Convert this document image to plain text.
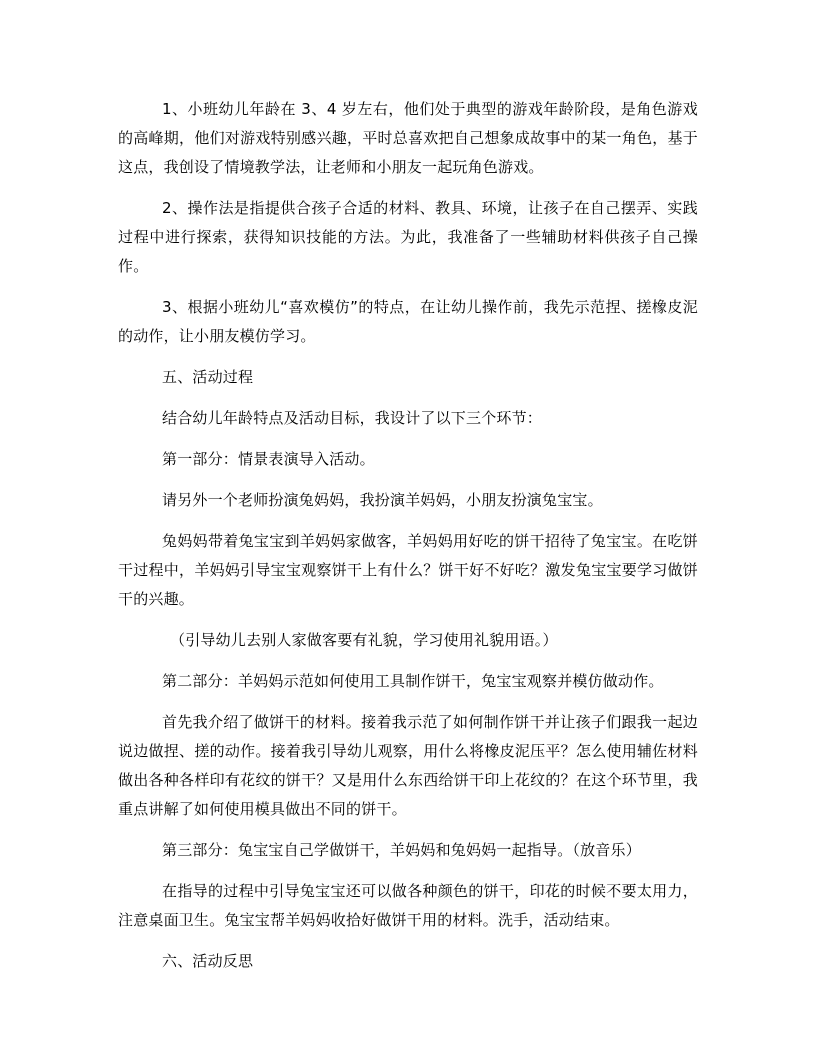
1、小班幼儿年龄在 3、4 岁左右，他们处于典型的游戏年龄阶段，是角色游戏的高峰期，他们对游戏特别感兴趣，平时总喜欢把自己想象成故事中的某一角色，基于这点，我创设了情境教学法，让老师和小朋友一起玩角色游戏。

2、操作法是指提供合孩子合适的材料、教具、环境，让孩子在自己摆弄、实践过程中进行探索，获得知识技能的方法。为此，我准备了一些辅助材料供孩子自己操作。

3、根据小班幼儿“喜欢模仿”的特点，在让幼儿操作前，我先示范捏、搓橡皮泥的动作，让小朋友模仿学习。

五、活动过程

结合幼儿年龄特点及活动目标，我设计了以下三个环节：

第一部分：情景表演导入活动。

请另外一个老师扮演兔妈妈，我扮演羊妈妈，小朋友扮演兔宝宝。

兔妈妈带着兔宝宝到羊妈妈家做客，羊妈妈用好吃的饼干招待了兔宝宝。在吃饼干过程中，羊妈妈引导宝宝观察饼干上有什么？饼干好不好吃？激发兔宝宝要学习做饼干的兴趣。

（引导幼儿去别人家做客要有礼貌，学习使用礼貌用语。）

第二部分：羊妈妈示范如何使用工具制作饼干，兔宝宝观察并模仿做动作。

首先我介绍了做饼干的材料。接着我示范了如何制作饼干并让孩子们跟我一起边说边做捏、搓的动作。接着我引导幼儿观察，用什么将橡皮泥压平？怎么使用辅佐材料做出各种各样印有花纹的饼干？又是用什么东西给饼干印上花纹的？在这个环节里，我重点讲解了如何使用模具做出不同的饼干。

第三部分：兔宝宝自己学做饼干，羊妈妈和兔妈妈一起指导。（放音乐）

在指导的过程中引导兔宝宝还可以做各种颜色的饼干，印花的时候不要太用力，注意桌面卫生。兔宝宝帮羊妈妈收拾好做饼干用的材料。洗手，活动结束。

六、活动反思
